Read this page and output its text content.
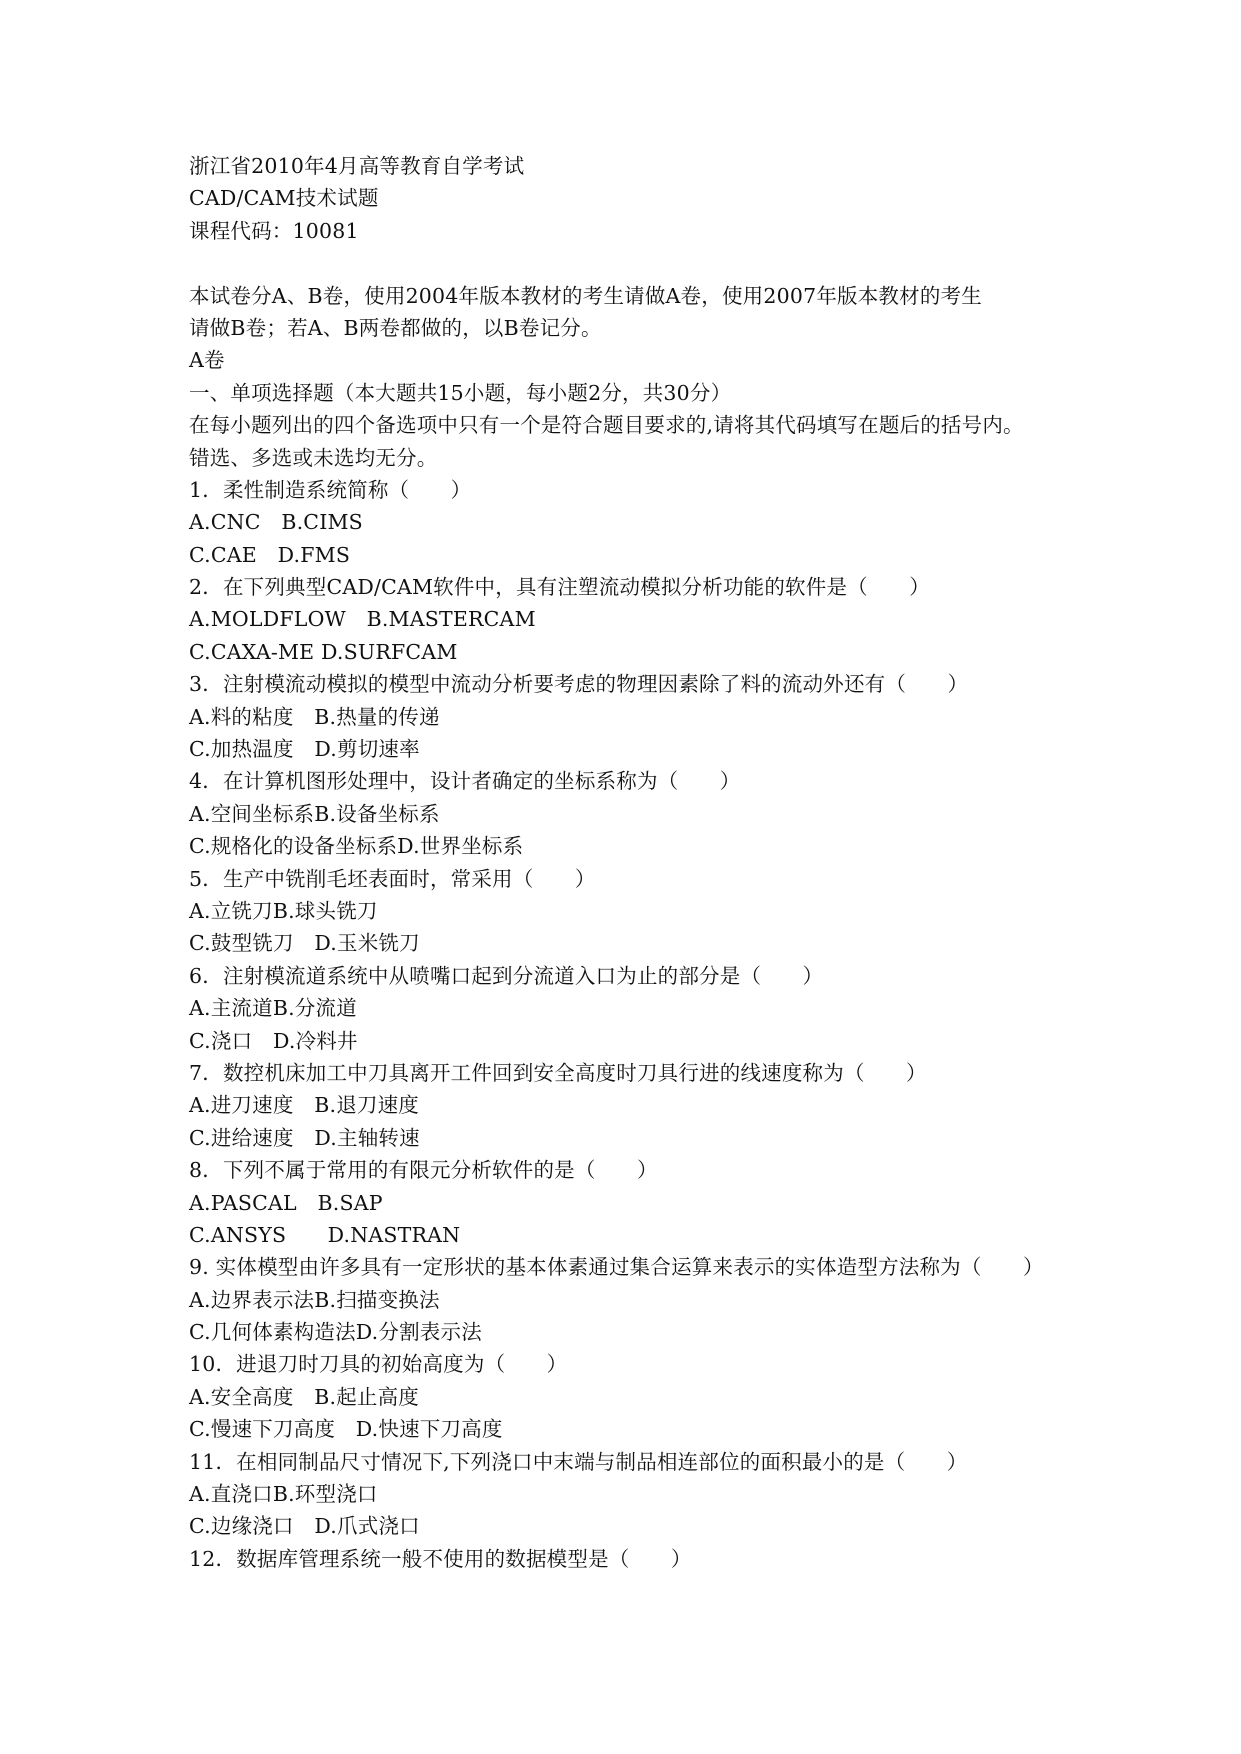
浙江省2010年4月高等教育自学考试
CAD/CAM技术试题
课程代码：10081
本试卷分A、B卷，使用2004年版本教材的考生请做A卷，使用2007年版本教材的考生
请做B卷；若A、B两卷都做的，以B卷记分。
A卷
一、单项选择题（本大题共15小题，每小题2分，共30分）
在每小题列出的四个备选项中只有一个是符合题目要求的,请将其代码填写在题后的括号内。
错选、多选或未选均无分。
1．柔性制造系统简称（　　）
A.CNC　B.CIMS
C.CAE　D.FMS
2．在下列典型CAD/CAM软件中，具有注塑流动模拟分析功能的软件是（　　）
A.MOLDFLOW　B.MASTERCAM
C.CAXA-ME D.SURFCAM
3．注射模流动模拟的模型中流动分析要考虑的物理因素除了料的流动外还有（　　）
A.料的粘度　B.热量的传递
C.加热温度　D.剪切速率
4．在计算机图形处理中，设计者确定的坐标系称为（　　）
A.空间坐标系B.设备坐标系
C.规格化的设备坐标系D.世界坐标系
5．生产中铣削毛坯表面时，常采用（　　）
A.立铣刀B.球头铣刀
C.鼓型铣刀　D.玉米铣刀
6．注射模流道系统中从喷嘴口起到分流道入口为止的部分是（　　）
A.主流道B.分流道
C.浇口　D.冷料井
7．数控机床加工中刀具离开工件回到安全高度时刀具行进的线速度称为（　　）
A.进刀速度　B.退刀速度
C.进给速度　D.主轴转速
8．下列不属于常用的有限元分析软件的是（　　）
A.PASCAL　B.SAP
C.ANSYS　　D.NASTRAN
9. 实体模型由许多具有一定形状的基本体素通过集合运算来表示的实体造型方法称为（　　）
A.边界表示法B.扫描变换法
C.几何体素构造法D.分割表示法
10．进退刀时刀具的初始高度为（　　）
A.安全高度　B.起止高度
C.慢速下刀高度　D.快速下刀高度
11．在相同制品尺寸情况下,下列浇口中末端与制品相连部位的面积最小的是（　　）
A.直浇口B.环型浇口
C.边缘浇口　D.爪式浇口
12．数据库管理系统一般不使用的数据模型是（　　）
